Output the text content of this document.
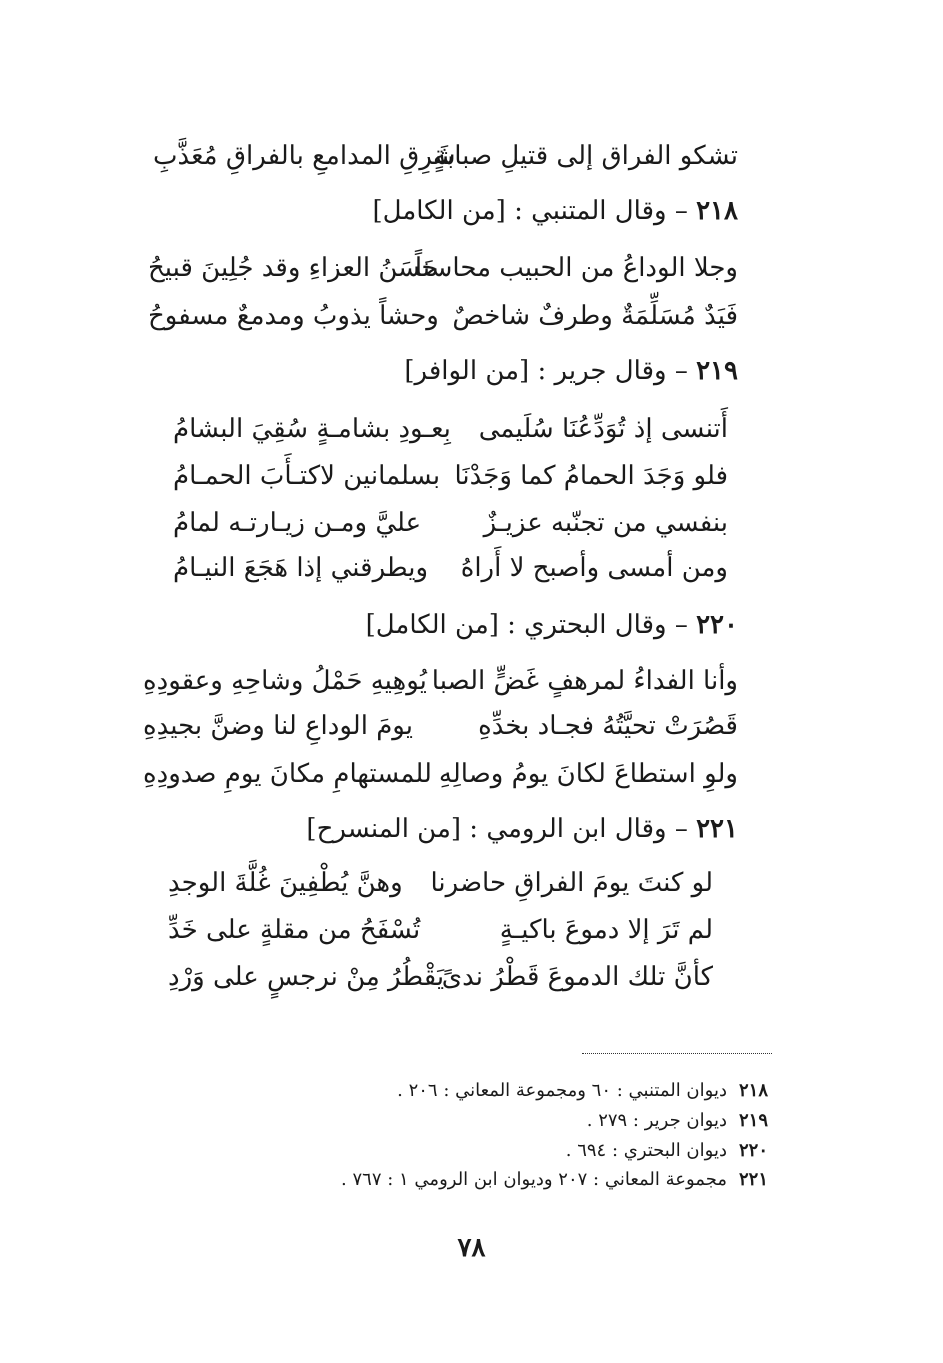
تشكو الفراق إلى قتيلِ صبابةٍ
شَرِقِ المدامعِ بالفراقِ مُعَذَّبِ
٢١٨ – وقال المتنبي : [من الكامل]
وجلا الوداعُ من الحبيب محاسناً
حَسَنُ العزاءِ وقد جُلِينَ قبيحُ
فَيَدٌ مُسَلِّمَةٌ وطرفٌ شاخصٌ
وحشاً يذوبُ ومدمعٌ مسفوحُ
٢١٩ – وقال جرير : [من الوافر]
أَتنسى إذ تُوَدِّعُنَا سُلَيمى
بِعـودِ بشامـةٍ سُقِيَ البشامُ
فلو وَجَدَ الحمامُ كما وَجَدْنَا
بسلمانين لاكتـأَبَ الحمـامُ
بنفسي من تجنّبه عزيـزٌ
عليَّ ومـن زيـارتـه لمامُ
ومن أمسى وأصبح لا أَراهُ
ويطرقني إذا هَجَعَ النيـامُ
٢٢٠ – وقال البحتري : [من الكامل]
وأنا الفداءُ لمرهفٍ غَضٍّ الصبا
يُوهِيهِ حَمْلُ وشاحِهِ وعقودِهِ
قَصُرَتْ تحيَّتُهُ فجـاد بخدِّهِ
يومَ الوداعِ لنا وضنَّ بجيدِهِ
ولوِ استطاعَ لكانَ يومُ وصالِهِ
للمستهامِ مكانَ يومِ صدودِهِ
٢٢١ – وقال ابن الرومي : [من المنسرح]
لو كنتَ يومَ الفراقِ حاضرنا
وهنَّ يُطْفِينَ غُلَّةَ الوجدِ
لم تَرَ إلا دموعَ باكيـةٍ
تُسْفَحُ من مقلةٍ على خَدِّ
كأنَّ تلك الدموعَ قَطْرُ ندىً
يَقْطُرُ مِنْ نرجسٍ على وَرْدِ
٢١٨ديوان المتنبي : ٦٠ ومجموعة المعاني : ٢٠٦ .
٢١٩ديوان جرير : ٢٧٩ .
٢٢٠ديوان البحتري : ٦٩٤ .
٢٢١مجموعة المعاني : ٢٠٧ وديوان ابن الرومي ١ : ٧٦٧ .
٧٨
